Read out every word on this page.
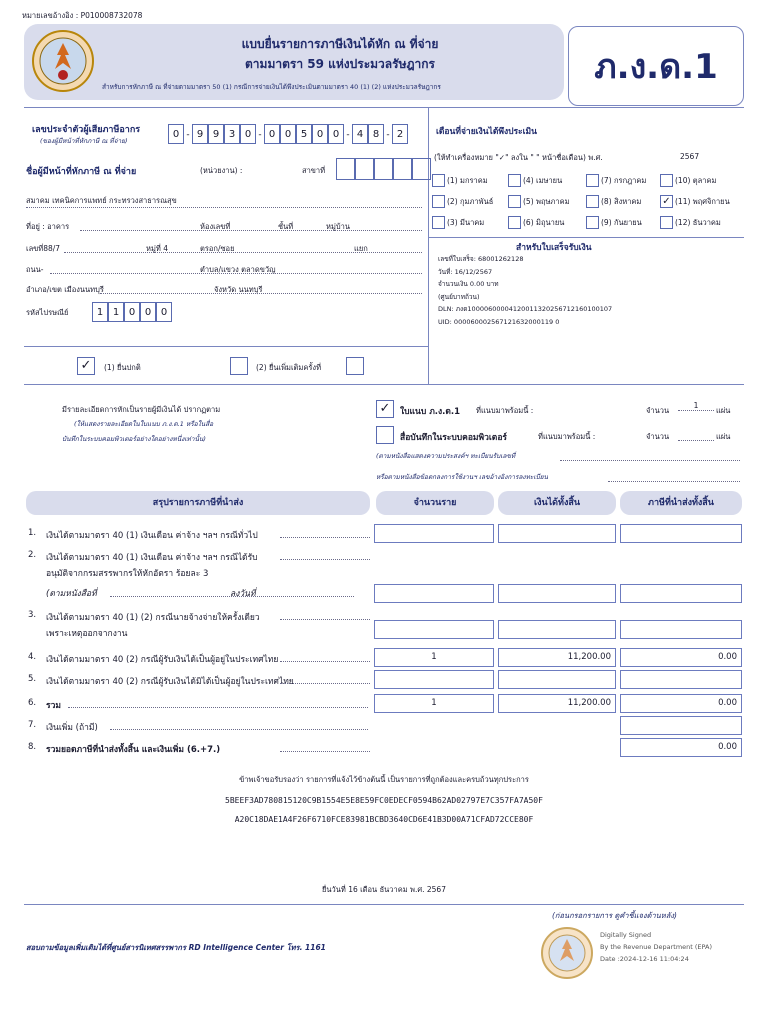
หมายเลขอ้างอิง : P010008732078
แบบยื่นรายการภาษีเงินได้หัก ณ ที่จ่าย
ตามมาตรา 59 แห่งประมวลรัษฎากร
สำหรับการหักภาษี ณ ที่จ่ายตามมาตรา 50 (1) กรณีการจ่ายเงินได้พึงประเมินตามมาตรา 40 (1) (2) แห่งประมวลรัษฎากร	ภ.ง.ด.1
เลขประจำตัวผู้เสียภาษีอากร
(ของผู้มีหน้าที่หักภาษี ณ ที่จ่าย)
0 - 9 9 3 0 - 0 0 5 0 0 - 4 8 - 2
ชื่อผู้มีหน้าที่หักภาษี ณ ที่จ่าย	(หน่วยงาน) :	สาขาที่
สมาคม เทคนิคการแพทย์ กระทรวงสาธารณสุข
ที่อยู่ : อาคาร	ห้องเลขที่	ชั้นที่	หมู่บ้าน
เลขที่88/7	หมู่ที่ 4	ตรอก/ซอย	แยก
ถนน-	ตำบล/แขวง ตลาดขวัญ
อำเภอ/เขต เมืองนนทบุรี	จังหวัด นนทบุรี
รหัสไปรษณีย์	1 1 0 0 0
✓	(1) ยื่นปกติ	(2) ยื่นเพิ่มเติมครั้งที่
เดือนที่จ่ายเงินได้พึงประเมิน
(ให้ทำเครื่องหมาย "✓" ลงใน " " หน้าชื่อเดือน) พ.ศ.	2567
(1) มกราคม	(4) เมษายน	(7) กรกฎาคม	(10) ตุลาคม
(2) กุมภาพันธ์	(5) พฤษภาคม	(8) สิงหาคม ✓ (11) พฤศจิกายน
(3) มีนาคม	(6) มิถุนายน	(9) กันยายน	(12) ธันวาคม
สำหรับใบเสร็จรับเงิน
เลขที่ใบเสร็จ: 68001262128
วันที่: 16/12/2567
จำนวนเงิน 0.00 บาท
(ศูนย์บาทถ้วน)
DLN: ภงด10000600004120011320256712160100107
UID: 000060002567121632000119 0
มีรายละเอียดการหักเป็นรายผู้มีเงินได้ ปรากฏตาม
(ให้แสดงรายละเอียดในใบแนบ ภ.ง.ด.1 หรือในสื่อ
บันทึกในระบบคอมพิวเตอร์อย่างใดอย่างหนึ่งเท่านั้น)
✓	ใบแนบ ภ.ง.ด.1 ที่แนบมาพร้อมนี้ :	จำนวน
1
แผ่น
สื่อบันทึกในระบบคอมพิวเตอร์	ที่แนบมาพร้อมนี้ :	จำนวน	แผ่น
(ตามหนังสือแสดงความประสงค์ฯ ทะเบียนรับเลขที่
หรือตามหนังสือข้อตกลงการใช้งานฯ เลขอ้างอิงการลงทะเบียน
สรุปรายการภาษีที่นำส่ง	จำนวนราย	เงินได้ทั้งสิ้น	ภาษีที่นำส่งทั้งสิ้น
1. เงินได้ตามมาตรา 40 (1) เงินเดือน ค่าจ้าง ฯลฯ กรณีทั่วไป
2. เงินได้ตามมาตรา 40 (1) เงินเดือน ค่าจ้าง ฯลฯ กรณีได้รับ
อนุมัติจากกรมสรรพากรให้หักอัตรา ร้อยละ 3
(ตามหนังสือที่	ลงวันที่
3. เงินได้ตามมาตรา 40 (1) (2) กรณีนายจ้างจ่ายให้ครั้งเดียว
เพราะเหตุออกจากงาน
4. เงินได้ตามมาตรา 40 (2) กรณีผู้รับเงินได้เป็นผู้อยู่ในประเทศไทย	1	11,200.00	0.00
5. เงินได้ตามมาตรา 40 (2) กรณีผู้รับเงินได้มิได้เป็นผู้อยู่ในประเทศไทย
6. รวม	1	11,200.00	0.00
7. เงินเพิ่ม (ถ้ามี)
8. รวมยอดภาษีที่นำส่งทั้งสิ้น และเงินเพิ่ม (6.+7.)	0.00
ข้าพเจ้าขอรับรองว่า รายการที่แจ้งไว้ข้างต้นนี้ เป็นรายการที่ถูกต้องและครบถ้วนทุกประการ
5BEEF3AD780815120C9B1554E5E8E59FC0EDECF0594B62AD02797E7C357FA7A50F
A20C18DAE1A4F26F6710FCE83981BCBD3640CD6E41B3D00A71CFAD72CCE80F
ยื่นวันที่ 16 เดือน ธันวาคม พ.ศ. 2567
(ก่อนกรอกรายการ ดูคำชี้แจงด้านหลัง)
สอบถามข้อมูลเพิ่มเติมได้ที่ศูนย์สารนิเทศสรรพากร RD Intelligence Center โทร. 1161
Digitally Signed
By the Revenue Department (EPA)
Date :2024-12-16 11:04:24
